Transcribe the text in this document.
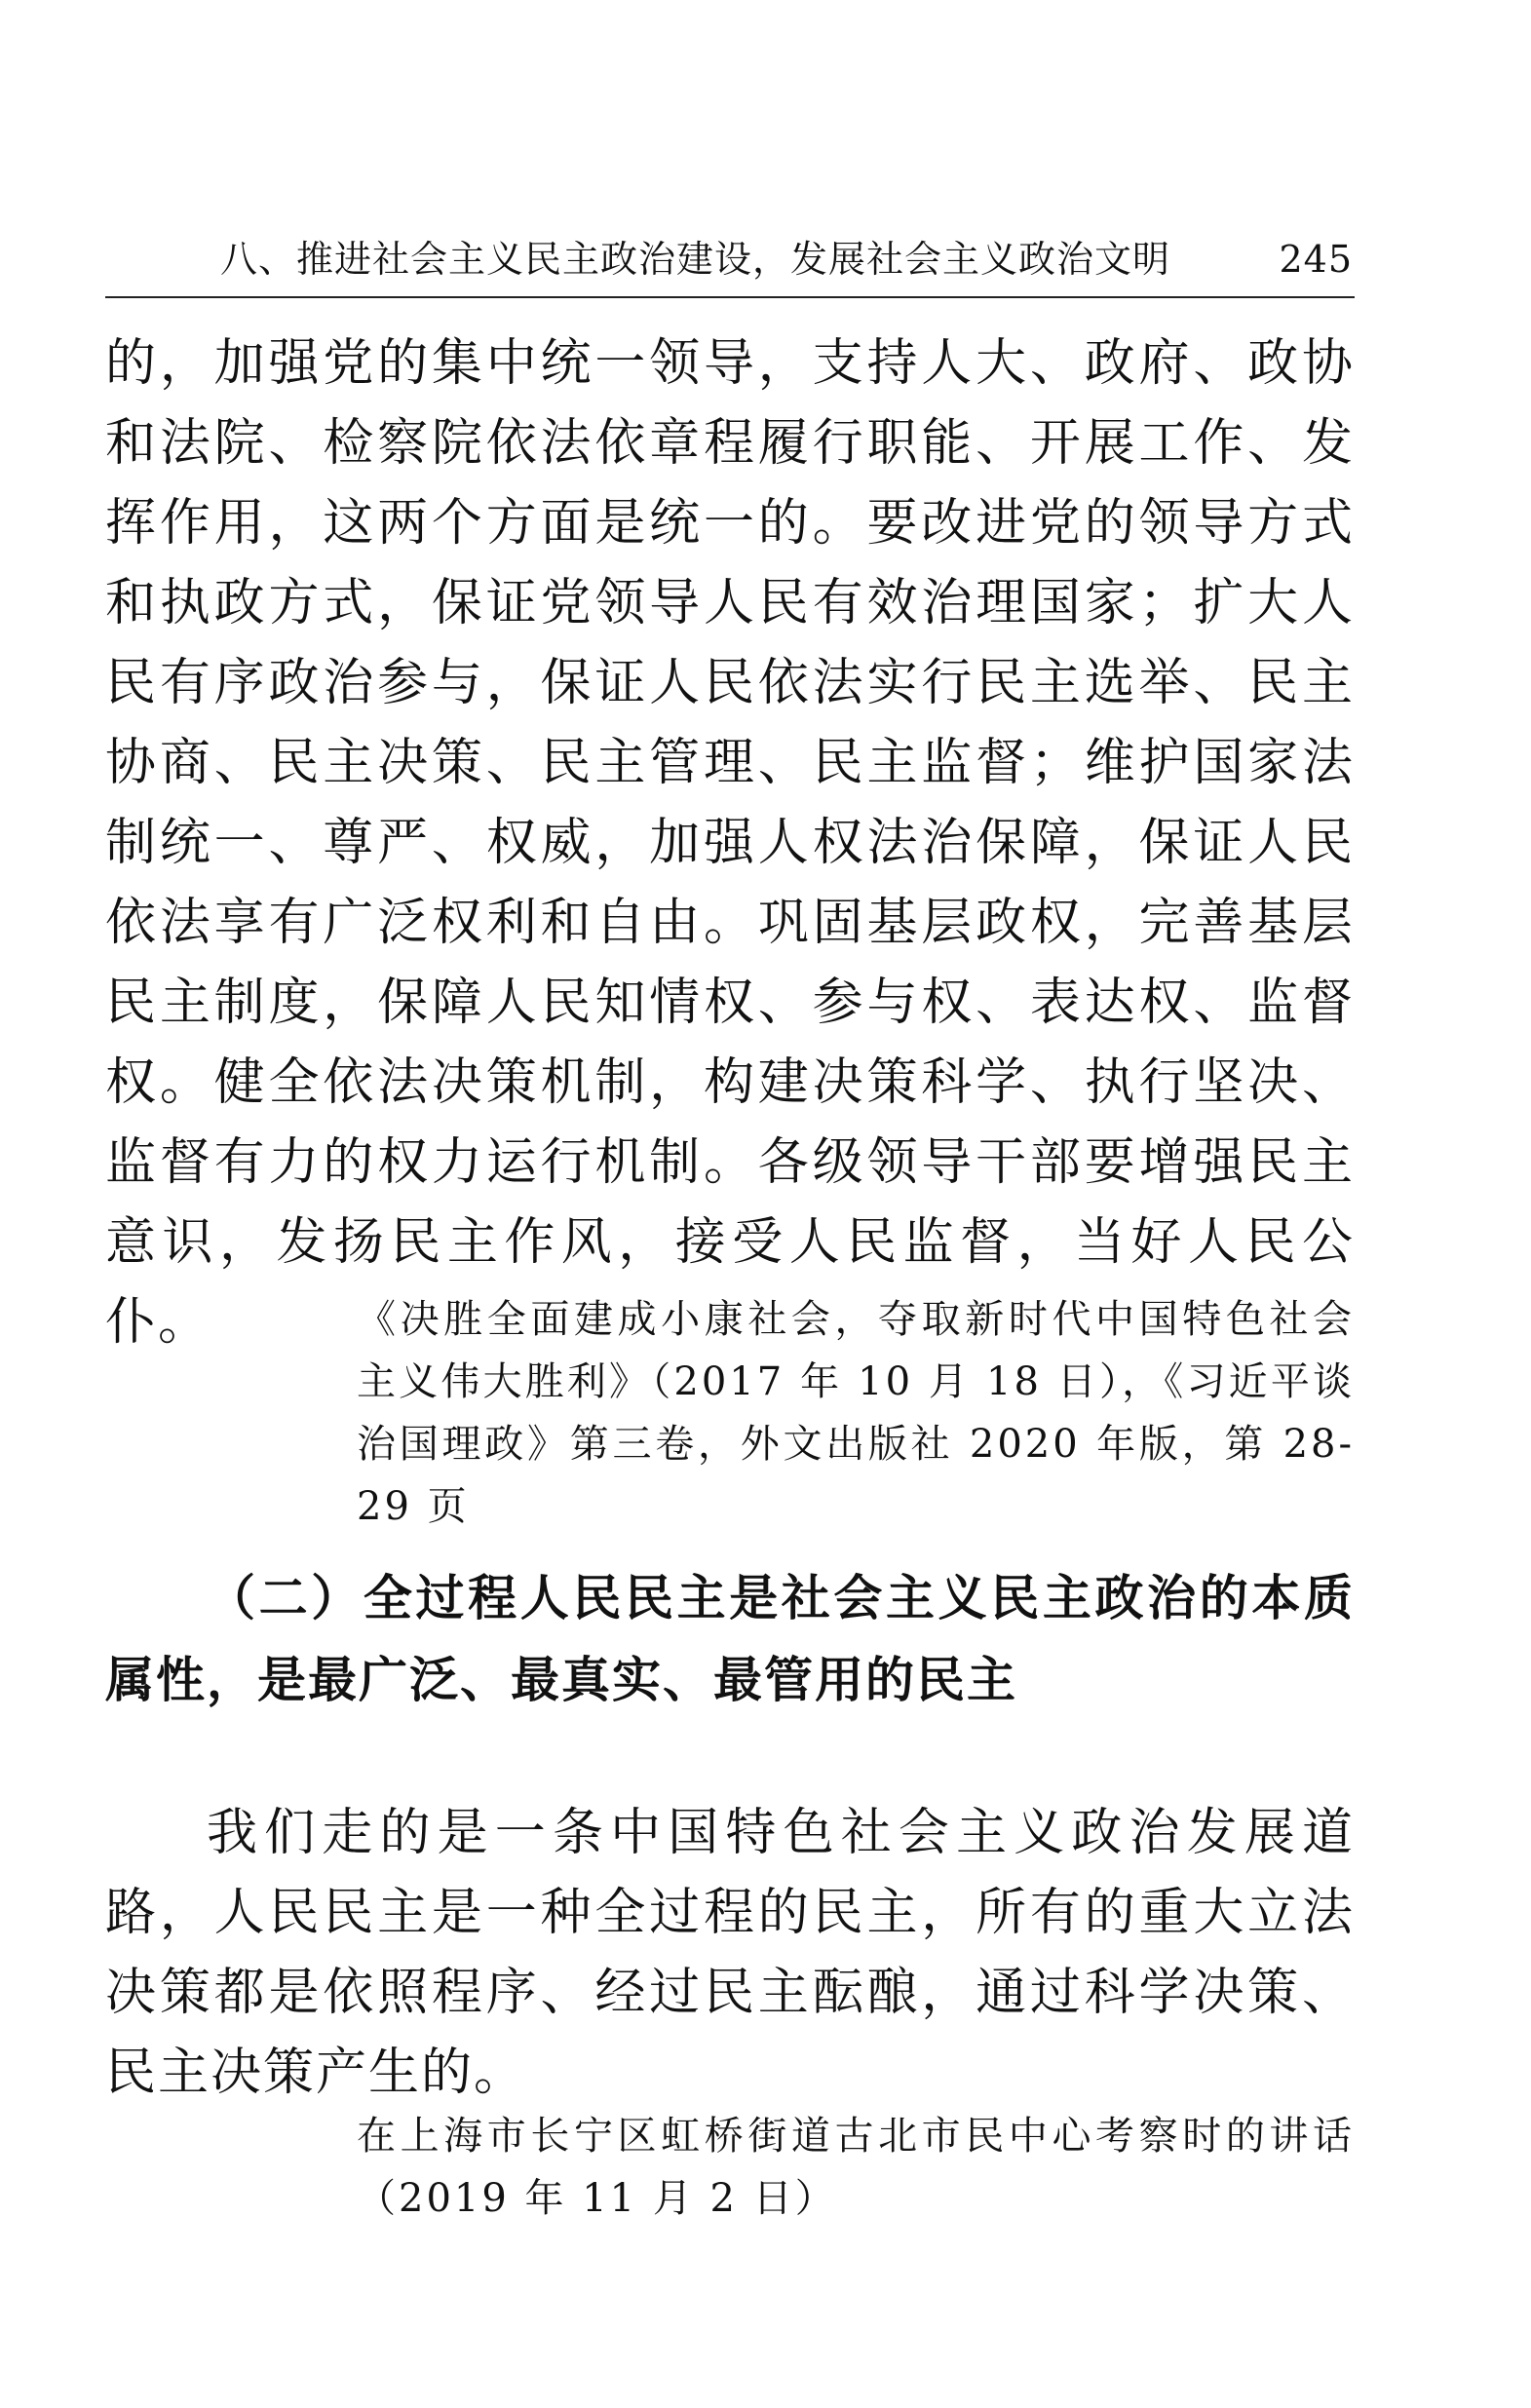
八、推进社会主义民主政治建设，发展社会主义政治文明	245

的，加强党的集中统一领导，支持人大、政府、政协和法院、检察院依法依章程履行职能、开展工作、发挥作用，这两个方面是统一的。要改进党的领导方式和执政方式，保证党领导人民有效治理国家；扩大人民有序政治参与，保证人民依法实行民主选举、民主协商、民主决策、民主管理、民主监督；维护国家法制统一、尊严、权威，加强人权法治保障，保证人民依法享有广泛权利和自由。巩固基层政权，完善基层民主制度，保障人民知情权、参与权、表达权、监督权。健全依法决策机制，构建决策科学、执行坚决、监督有力的权力运行机制。各级领导干部要增强民主意识，发扬民主作风，接受人民监督，当好人民公仆。	《决胜全面建成小康社会，夺取新时代中国特色社会主义伟大胜利》（2017 年 10 月 18 日），《习近平谈治国理政》第三卷，外文出版社 2020 年版，第 28-29 页
（二）全过程人民民主是社会主义民主政治的本质属性，是最广泛、最真实、最管用的民主

我们走的是一条中国特色社会主义政治发展道路，人民民主是一种全过程的民主，所有的重大立法决策都是依照程序、经过民主酝酿，通过科学决策、民主决策产生的。

在上海市长宁区虹桥街道古北市民中心考察时的讲话（2019 年 11 月 2 日）
